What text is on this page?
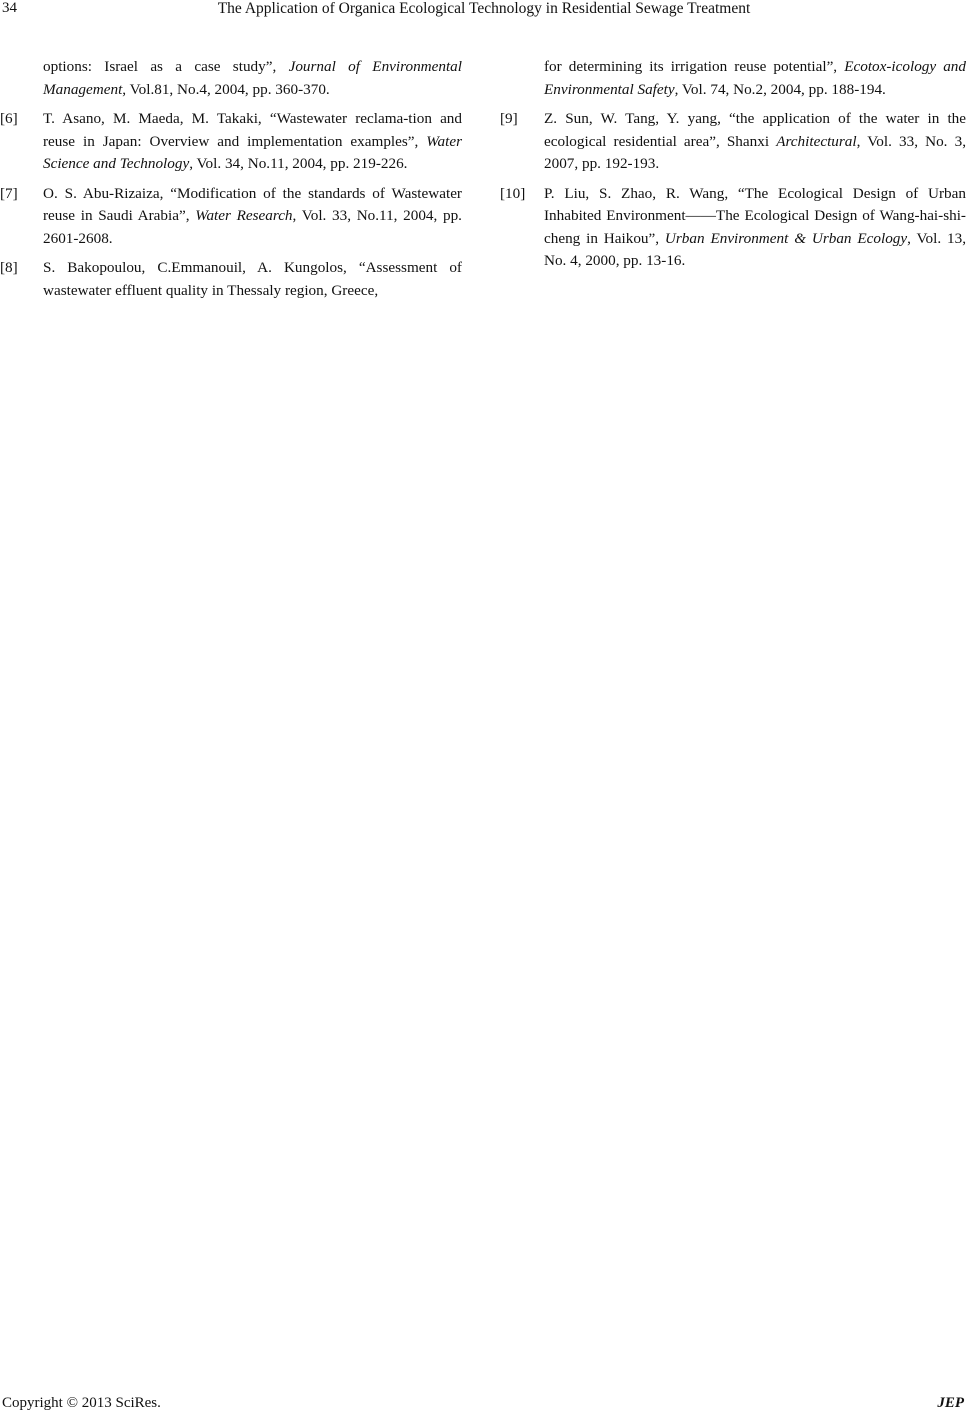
34	The Application of Organica Ecological Technology in Residential Sewage Treatment
options: Israel as a case study”, Journal of Environmental Management, Vol.81, No.4, 2004, pp. 360-370.
[6] T. Asano, M. Maeda, M. Takaki, “Wastewater reclama-tion and reuse in Japan: Overview and implementation examples”, Water Science and Technology, Vol. 34, No.11, 2004, pp. 219-226.
[7] O. S. Abu-Rizaiza, “Modification of the standards of Wastewater reuse in Saudi Arabia”, Water Research, Vol. 33, No.11, 2004, pp. 2601-2608.
[8] S. Bakopoulou, C.Emmanouil, A. Kungolos, “Assessment of wastewater effluent quality in Thessaly region, Greece,
for determining its irrigation reuse potential”, Ecotox-icology and Environmental Safety, Vol. 74, No.2, 2004, pp. 188-194.
[9] Z. Sun, W. Tang, Y. yang, “the application of the water in the ecological residential area”, Shanxi Architectural, Vol. 33, No. 3, 2007, pp. 192-193.
[10] P. Liu, S. Zhao, R. Wang, “The Ecological Design of Urban Inhabited Environment——The Ecological Design of Wang-hai-shi-cheng in Haikou”, Urban Environment & Urban Ecology, Vol. 13, No. 4, 2000, pp. 13-16.
Copyright © 2013 SciRes.	JEP
